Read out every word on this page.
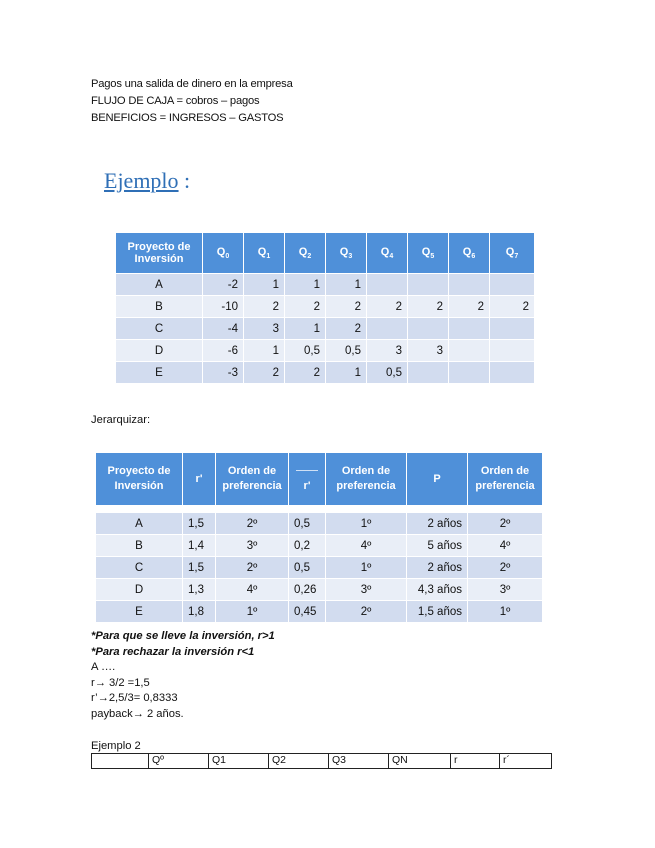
Pagos una salida de dinero en la empresa
FLUJO DE CAJA = cobros – pagos
BENEFICIOS = INGRESOS – GASTOS
Ejemplo :
Proyecto de Inversión	$Q_0$	$Q_1$	$Q_2$	$Q_3$	$Q_4$	$Q_5$	$Q_6$	$Q_7$
A	-2	1	1	1				
B	-10	2	2	2	2	2	2	2
C	-4	3	1	2				
D	-6	1	0,5	0,5	3	3		
E	-3	2	2	1	0,5			
Jerarquizar:
Proyecto de Inversión	r'	Orden de preferencia	r'	Orden de preferencia	P	Orden de preferencia

A	1,5	2º	0,5	1º	2 años	2º
B	1,4	3º	0,2	4º	5 años	4º
C	1,5	2º	0,5	1º	2 años	2º
D	1,3	4º	0,26	3º	4,3 años	3º
E	1,8	1º	0,45	2º	1,5 años	1º
*Para que se lleve la inversión, r>1
*Para rechazar la inversión r<1
A ….
r→ 3/2 =1,5
r’→2,5/3= 0,8333
payback→ 2 años.
Ejemplo 2
	Qº	Q1	Q2	Q3	QN	r	r´
